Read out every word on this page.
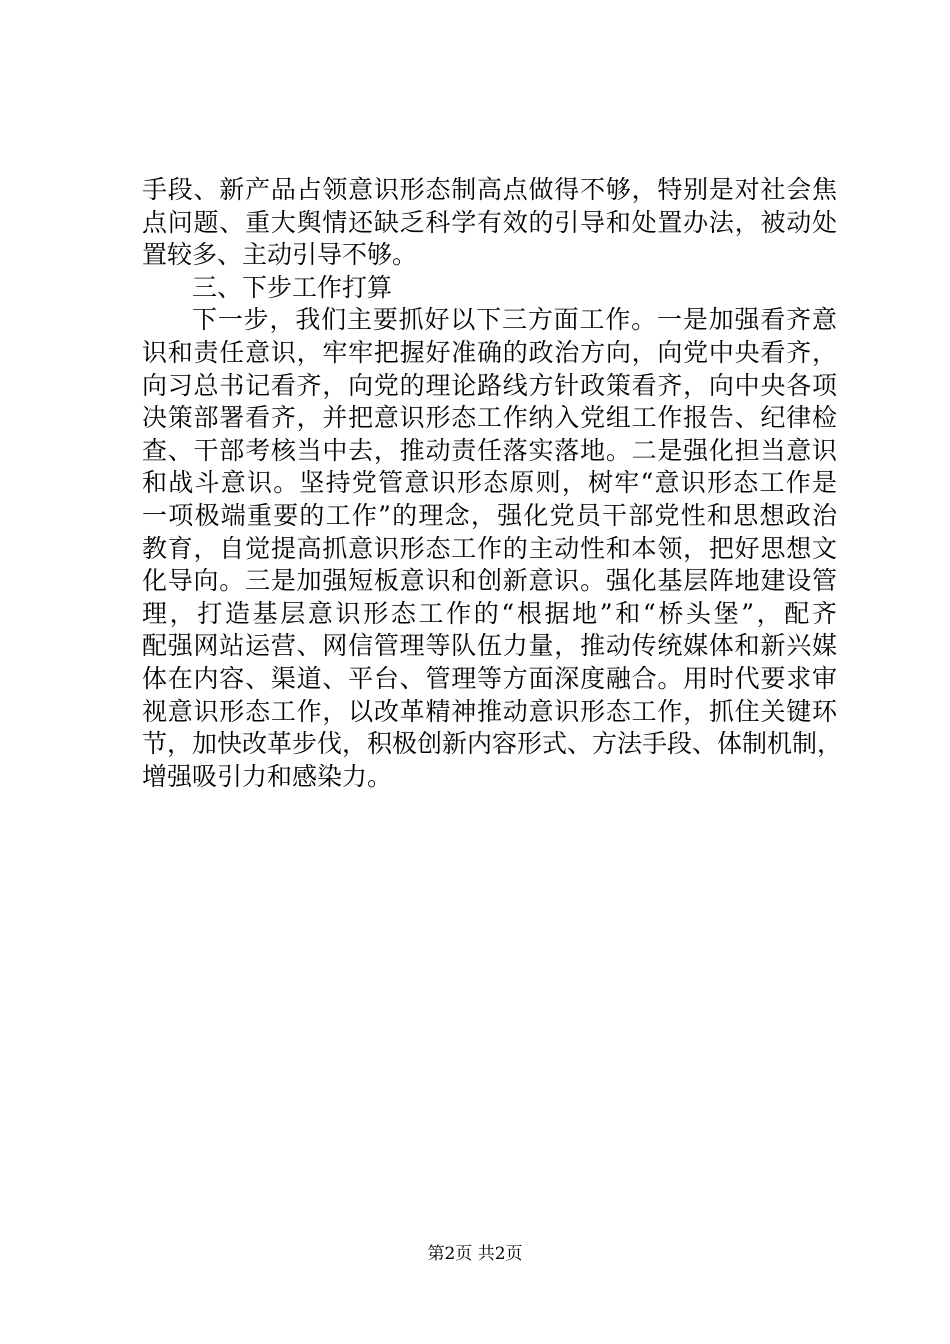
手段、新产品占领意识形态制高点做得不够，特别是对社会焦
点问题、重大舆情还缺乏科学有效的引导和处置办法，被动处
置较多、主动引导不够。
三、下步工作打算
下一步，我们主要抓好以下三方面工作。一是加强看齐意
识和责任意识，牢牢把握好准确的政治方向，向党中央看齐，
向习总书记看齐，向党的理论路线方针政策看齐，向中央各项
决策部署看齐，并把意识形态工作纳入党组工作报告、纪律检
查、干部考核当中去，推动责任落实落地。二是强化担当意识
和战斗意识。坚持党管意识形态原则，树牢“意识形态工作是
一项极端重要的工作”的理念，强化党员干部党性和思想政治
教育，自觉提高抓意识形态工作的主动性和本领，把好思想文
化导向。三是加强短板意识和创新意识。强化基层阵地建设管
理，打造基层意识形态工作的“根据地”和“桥头堡”，配齐
配强网站运营、网信管理等队伍力量，推动传统媒体和新兴媒
体在内容、渠道、平台、管理等方面深度融合。用时代要求审
视意识形态工作，以改革精神推动意识形态工作，抓住关键环
节，加快改革步伐，积极创新内容形式、方法手段、体制机制，
增强吸引力和感染力。
第2页 共2页
